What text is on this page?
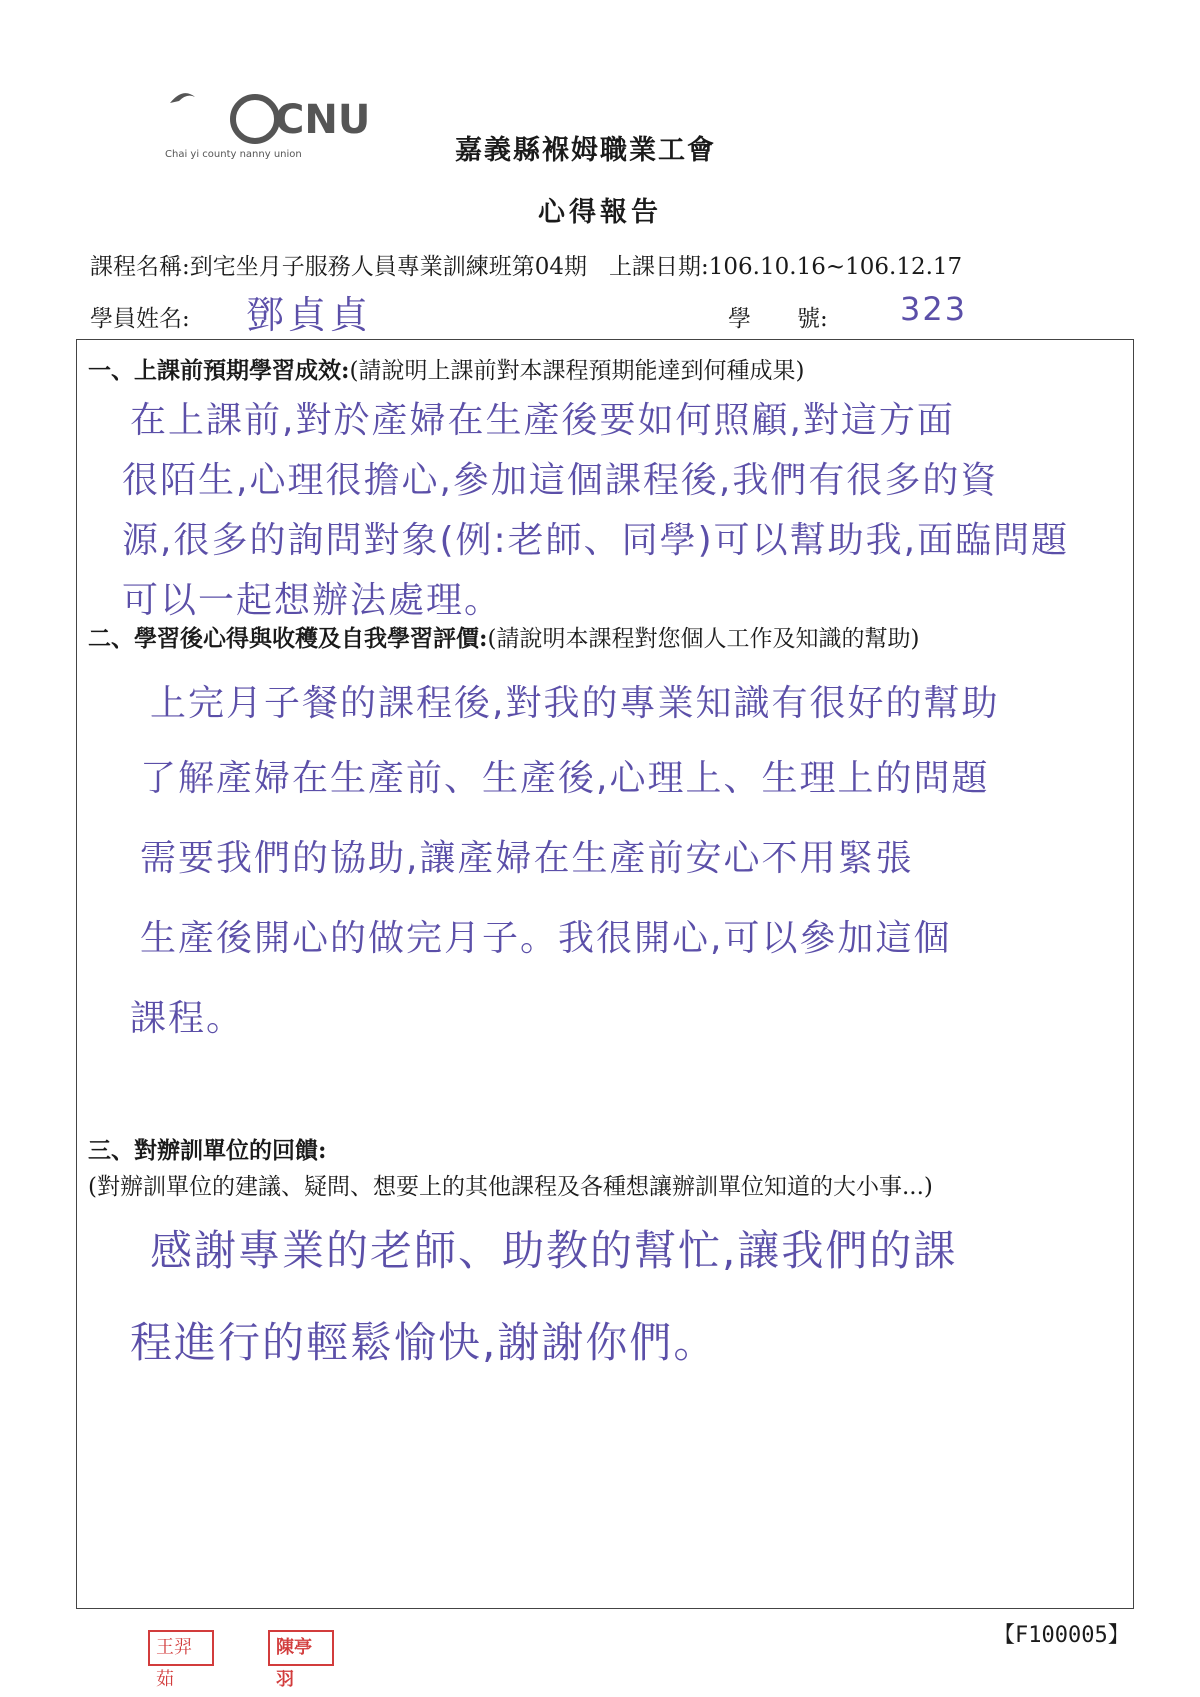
CNU
Chai yi county nanny union	嘉義縣褓姆職業工會
心得報告
課程名稱:到宅坐月子服務人員專業訓練班第04期 上課日期:106.10.16~106.12.17
學員姓名: 鄧貞貞	學　　號: 323
一、上課前預期學習成效:(請說明上課前對本課程預期能達到何種成果)
在上課前,對於產婦在生產後要如何照顧,對這方面
很陌生,心理很擔心,參加這個課程後,我們有很多的資
源,很多的詢問對象(例:老師、同學)可以幫助我,面臨問題
可以一起想辦法處理。
二、學習後心得與收穫及自我學習評價:(請說明本課程對您個人工作及知識的幫助)
上完月子餐的課程後,對我的專業知識有很好的幫助
了解產婦在生產前、生產後,心理上、生理上的問題
需要我們的協助,讓產婦在生產前安心不用緊張
生產後開心的做完月子。我很開心,可以參加這個
課程。
三、對辦訓單位的回饋:
(對辦訓單位的建議、疑問、想要上的其他課程及各種想讓辦訓單位知道的大小事...)
感謝專業的老師、助教的幫忙,讓我們的課
程進行的輕鬆愉快,謝謝你們。
【F100005】
王羿茹
陳亭羽
